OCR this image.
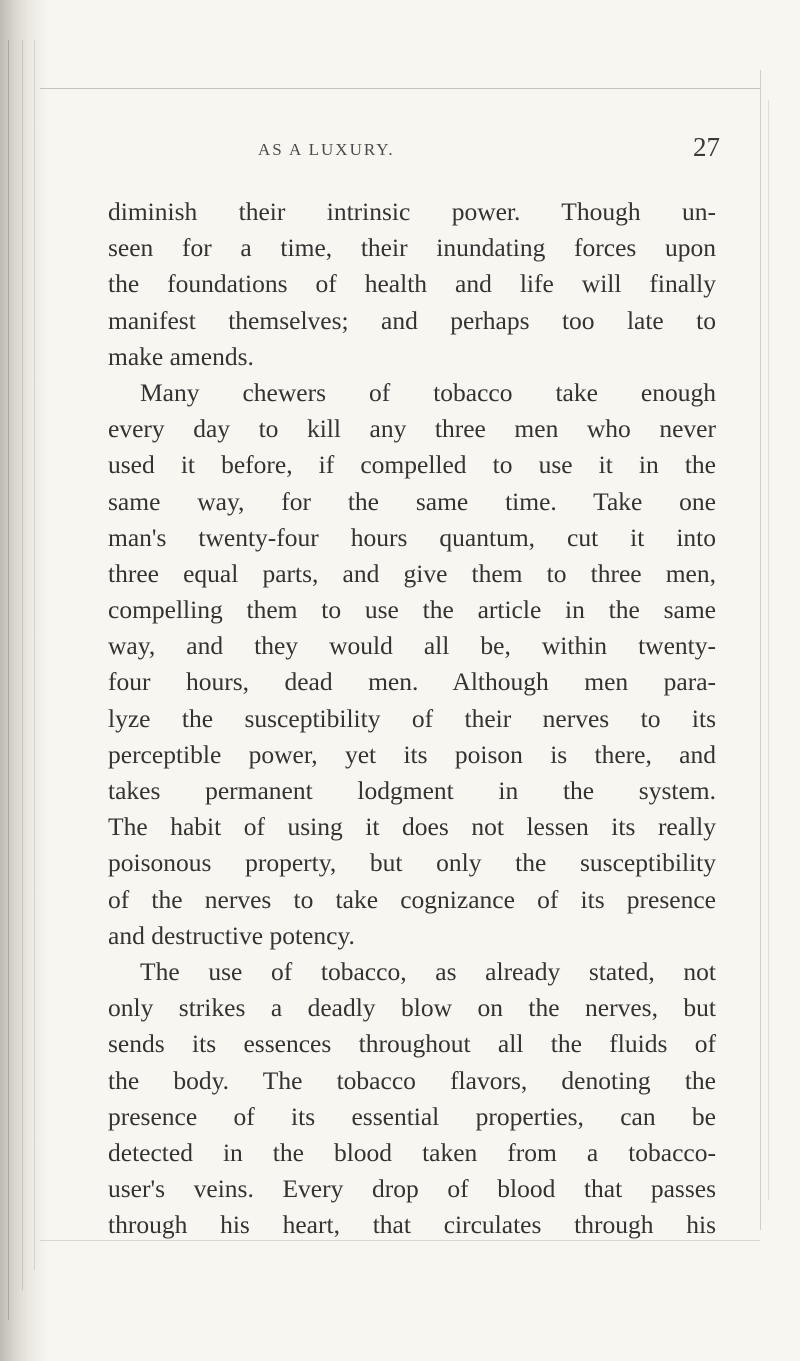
AS A LUXURY.	27
diminish their intrinsic power. Though un-
seen for a time, their inundating forces upon
the foundations of health and life will finally
manifest themselves; and perhaps too late to
make amends.
Many chewers of tobacco take enough
every day to kill any three men who never
used it before, if compelled to use it in the
same way, for the same time. Take one
man's twenty-four hours quantum, cut it into
three equal parts, and give them to three men,
compelling them to use the article in the same
way, and they would all be, within twenty-
four hours, dead men. Although men para-
lyze the susceptibility of their nerves to its
perceptible power, yet its poison is there, and
takes permanent lodgment in the system.
The habit of using it does not lessen its really
poisonous property, but only the susceptibility
of the nerves to take cognizance of its presence
and destructive potency.
The use of tobacco, as already stated, not
only strikes a deadly blow on the nerves, but
sends its essences throughout all the fluids of
the body. The tobacco flavors, denoting the
presence of its essential properties, can be
detected in the blood taken from a tobacco-
user's veins. Every drop of blood that passes
through his heart, that circulates through his
